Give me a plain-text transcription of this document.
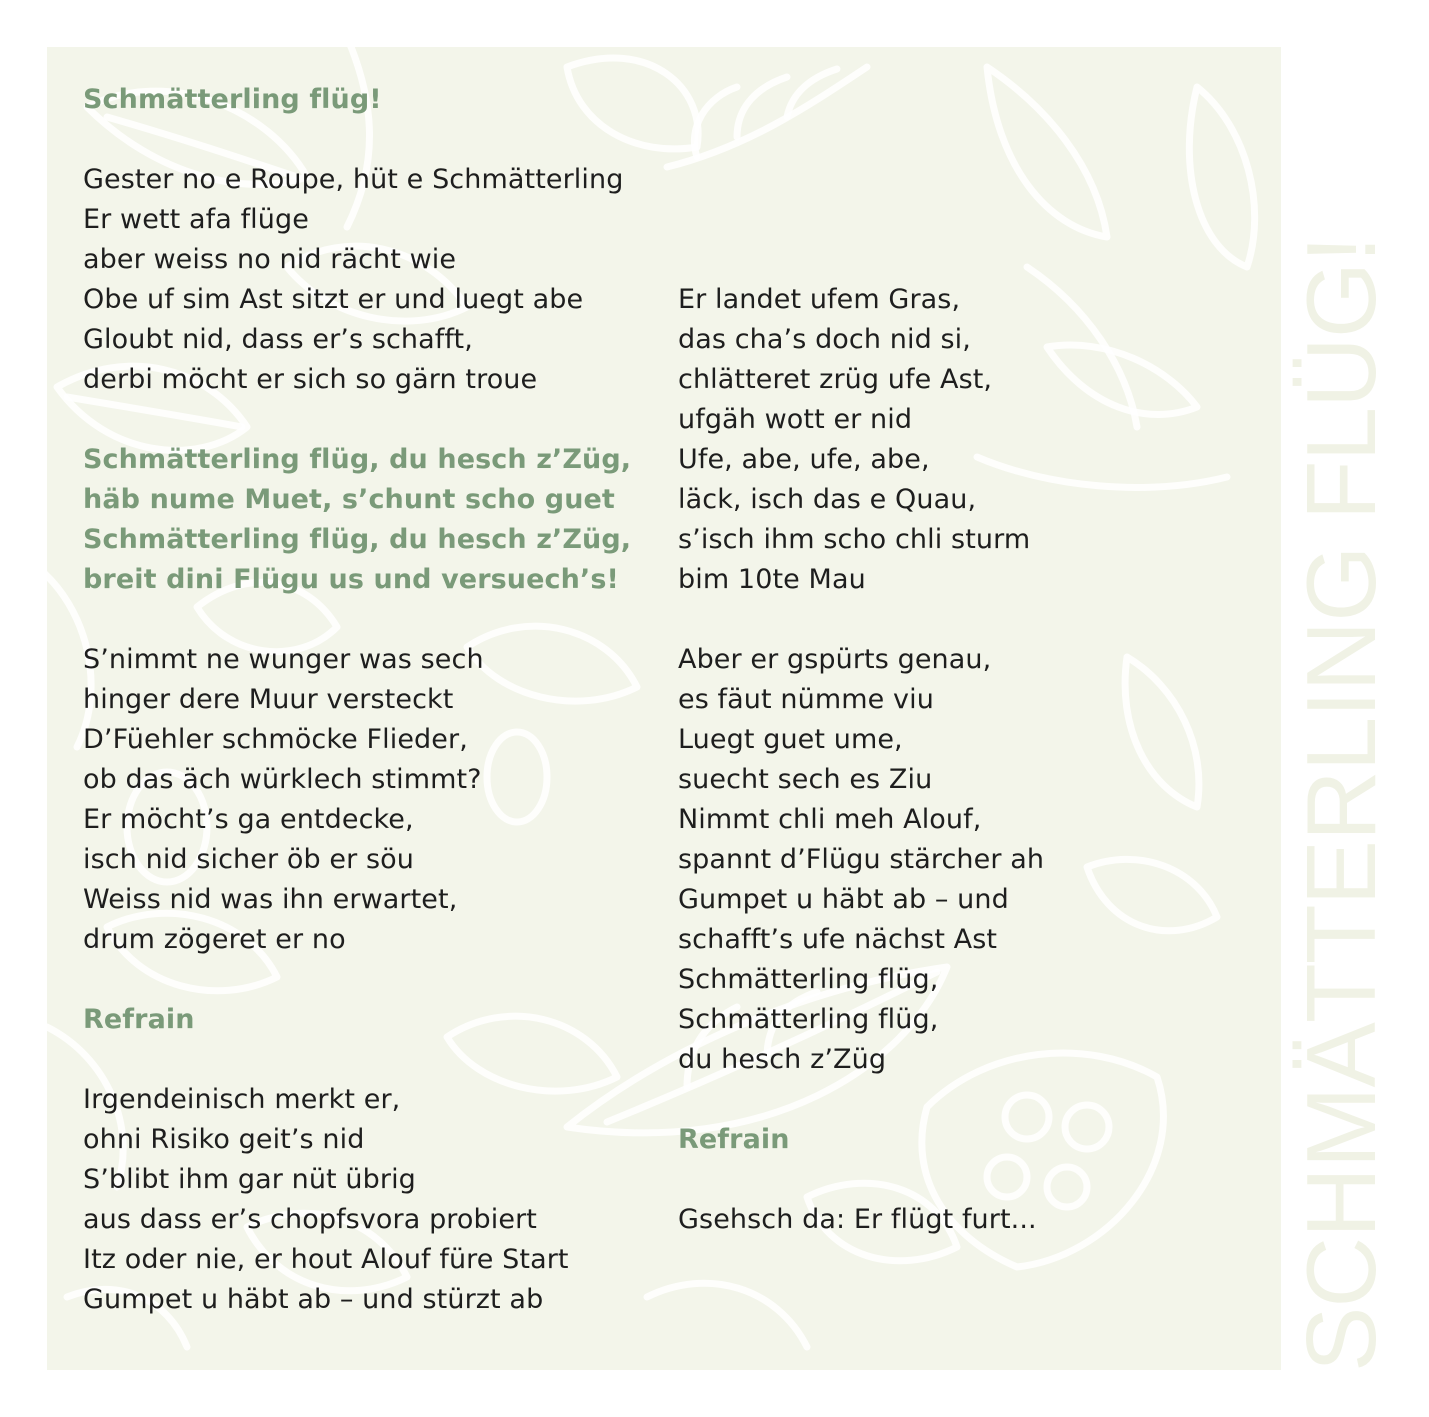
Schmätterling flüg!
Gester no e Roupe, hüt e Schmätterling
Er wett afa flüge
aber weiss no nid rächt wie
Obe uf sim Ast sitzt er und luegt abe
Gloubt nid, dass er’s schafft,
derbi möcht er sich so gärn troue
Schmätterling flüg, du hesch z’Züg,
häb nume Muet, s’chunt scho guet
Schmätterling flüg, du hesch z’Züg,
breit dini Flügu us und versuech’s!
S’nimmt ne wunger was sech
hinger dere Muur versteckt
D’Füehler schmöcke Flieder,
ob das äch würklech stimmt?
Er möcht’s ga entdecke,
isch nid sicher öb er söu
Weiss nid was ihn erwartet,
drum zögeret er no
Refrain
Irgendeinisch merkt er,
ohni Risiko geit’s nid
S’blibt ihm gar nüt übrig
aus dass er’s chopfsvora probiert
Itz oder nie, er hout Alouf füre Start
Gumpet u häbt ab – und stürzt ab
Er landet ufem Gras,
das cha’s doch nid si,
chlätteret zrüg ufe Ast,
ufgäh wott er nid
Ufe, abe, ufe, abe,
läck, isch das e Quau,
s’isch ihm scho chli sturm
bim 10te Mau
Aber er gspürts genau,
es fäut nümme viu
Luegt guet ume,
suecht sech es Ziu
Nimmt chli meh Alouf,
spannt d’Flügu stärcher ah
Gumpet u häbt ab – und
schafft’s ufe nächst Ast
Schmätterling flüg,
Schmätterling flüg,
du hesch z’Züg
Refrain
Gsehsch da: Er flügt furt...	SCHMÄTTERLING FLÜG!
